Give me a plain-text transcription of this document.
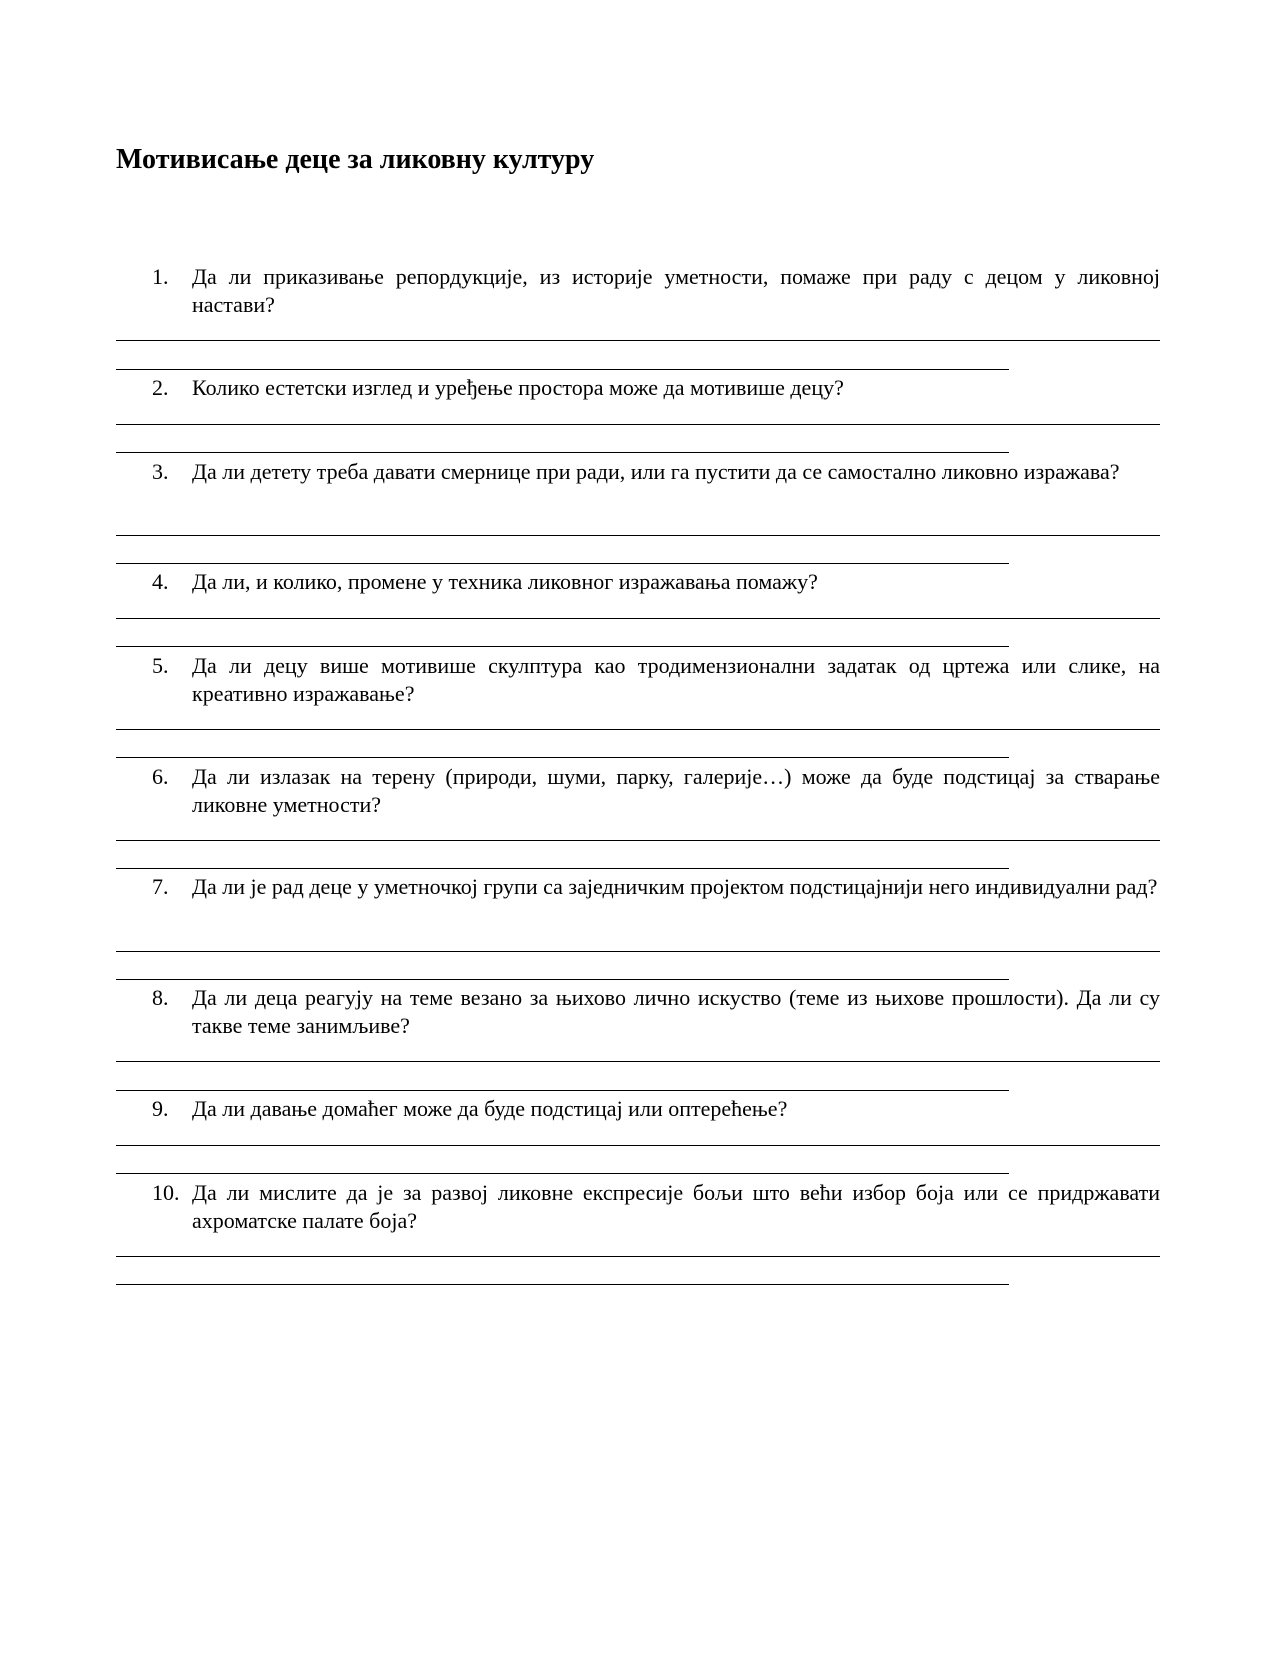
Мотивисање деце за ликовну културу
1. Да ли приказивање репордукције, из историје уметности, помаже при раду с децом у ликовној настави?

2. Колико естетски изглед и уређење простора може да мотивише децу?

3. Да ли детету треба давати смернице при ради, или га пустити да се самостално ликовно изражава?

4. Да ли, и колико, промене у техника ликовног изражавања помажу?

5. Да ли децу више мотивише скулптура као тродимензионални задатак од цртежа или слике, на креативно изражавање?

6. Да ли излазак на терену (природи, шуми, парку, галерије…) може да буде подстицај за стварање ликовне уметности?

7. Да ли је рад деце у уметночкој групи са заједничким пројектом подстицајнији него индивидуални рад?

8. Да ли деца реагују на теме везано за њихово лично искуство (теме из њихове прошлости). Да ли су такве теме занимљиве?

9. Да ли давање домаћег може да буде подстицај или оптерећење?

10. Да ли мислите да је за развој ликовне експресије бољи што већи избор боја или се придржавати ахроматске палате боја?
